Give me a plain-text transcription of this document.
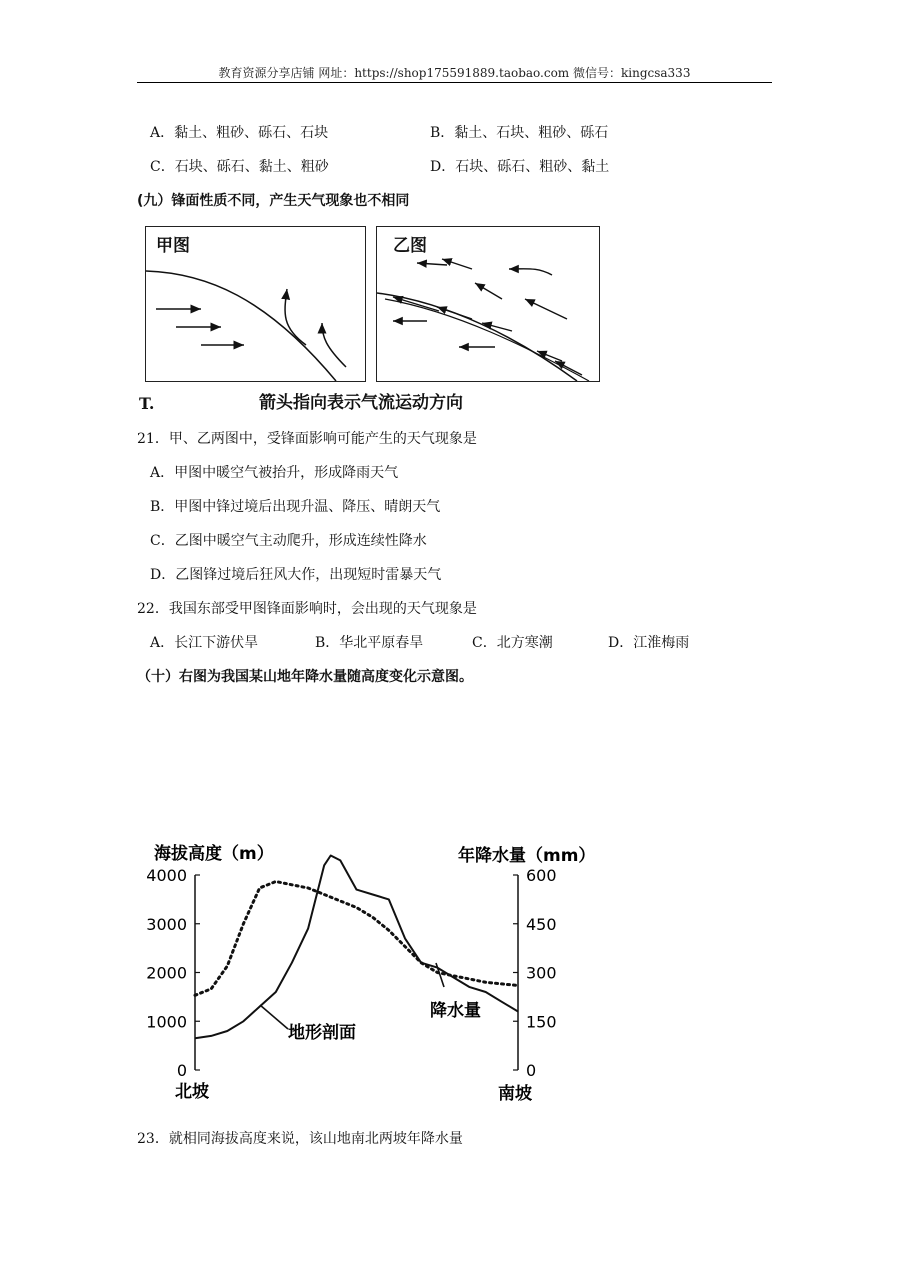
教育资源分享店铺 网址：https://shop175591889.taobao.com 微信号：kingcsa333
A．黏土、粗砂、砾石、石块	B．黏土、石块、粗砂、砾石
C．石块、砾石、黏土、粗砂	D．石块、砾石、粗砂、黏土
(九）锋面性质不同，产生天气现象也不相同
甲图	乙图
T.	箭头指向表示气流运动方向
21．甲、乙两图中，受锋面影响可能产生的天气现象是
A．甲图中暖空气被抬升，形成降雨天气
B．甲图中锋过境后出现升温、降压、晴朗天气
C．乙图中暖空气主动爬升，形成连续性降水
D．乙图锋过境后狂风大作，出现短时雷暴天气
22．我国东部受甲图锋面影响时，会出现的天气现象是
A．长江下游伏旱	B．华北平原春旱	C．北方寒潮	D．江淮梅雨
（十）右图为我国某山地年降水量随高度变化示意图。
海拔高度（m）	年降水量（mm）
4000
3000
2000
1000
0
600
450
300
150
0
北坡	南坡
地形剖面
降水量
23．就相同海拔高度来说，该山地南北两坡年降水量
